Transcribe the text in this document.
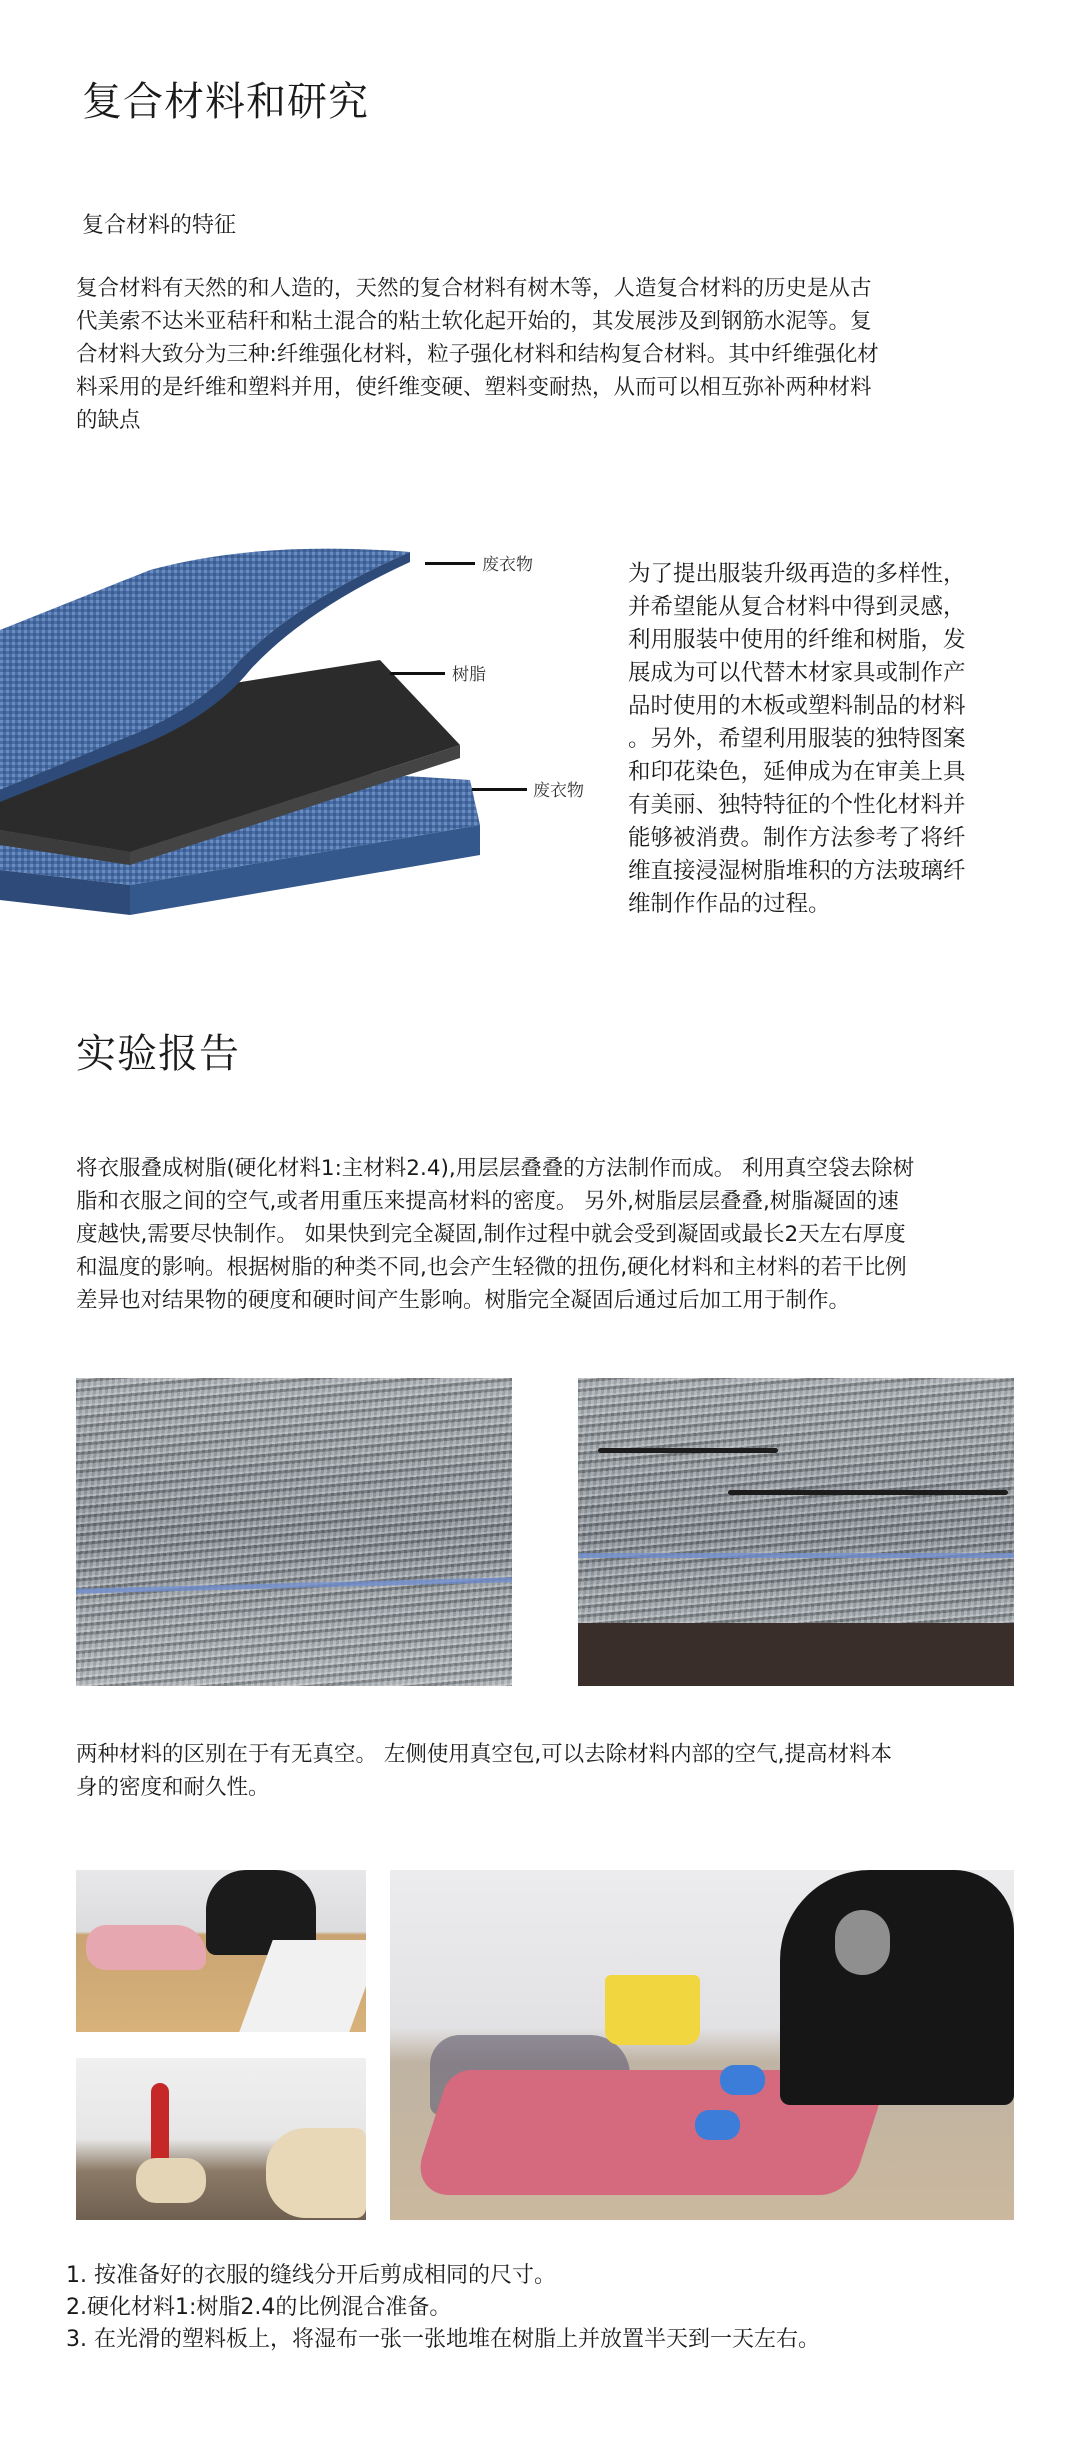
复合材料和研究
复合材料的特征
复合材料有天然的和人造的，天然的复合材料有树木等，人造复合材料的历史是从古
代美索不达米亚秸秆和粘土混合的粘土软化起开始的，其发展涉及到钢筋水泥等。复
合材料大致分为三种:纤维强化材料，粒子强化材料和结构复合材料。其中纤维强化材
料采用的是纤维和塑料并用，使纤维变硬、塑料变耐热，从而可以相互弥补两种材料
的缺点
废衣物
树脂
废衣物
为了提出服装升级再造的多样性，
并希望能从复合材料中得到灵感，
利用服装中使用的纤维和树脂，发
展成为可以代替木材家具或制作产
品时使用的木板或塑料制品的材料
。另外，希望利用服装的独特图案
和印花染色，延伸成为在审美上具
有美丽、独特特征的个性化材料并
能够被消费。制作方法参考了将纤
维直接浸湿树脂堆积的方法玻璃纤
维制作作品的过程。
实验报告
将衣服叠成树脂(硬化材料1:主材料2.4),用层层叠叠的方法制作而成。 利用真空袋去除树
脂和衣服之间的空气,或者用重压来提高材料的密度。 另外,树脂层层叠叠,树脂凝固的速
度越快,需要尽快制作。 如果快到完全凝固,制作过程中就会受到凝固或最长2天左右厚度
和温度的影响。根据树脂的种类不同,也会产生轻微的扭伤,硬化材料和主材料的若干比例
差异也对结果物的硬度和硬时间产生影响。树脂完全凝固后通过后加工用于制作。
两种材料的区别在于有无真空。 左侧使用真空包,可以去除材料内部的空气,提高材料本
身的密度和耐久性。
1. 按准备好的衣服的缝线分开后剪成相同的尺寸。
2.硬化材料1:树脂2.4的比例混合准备。
3. 在光滑的塑料板上，将湿布一张一张地堆在树脂上并放置半天到一天左右。
